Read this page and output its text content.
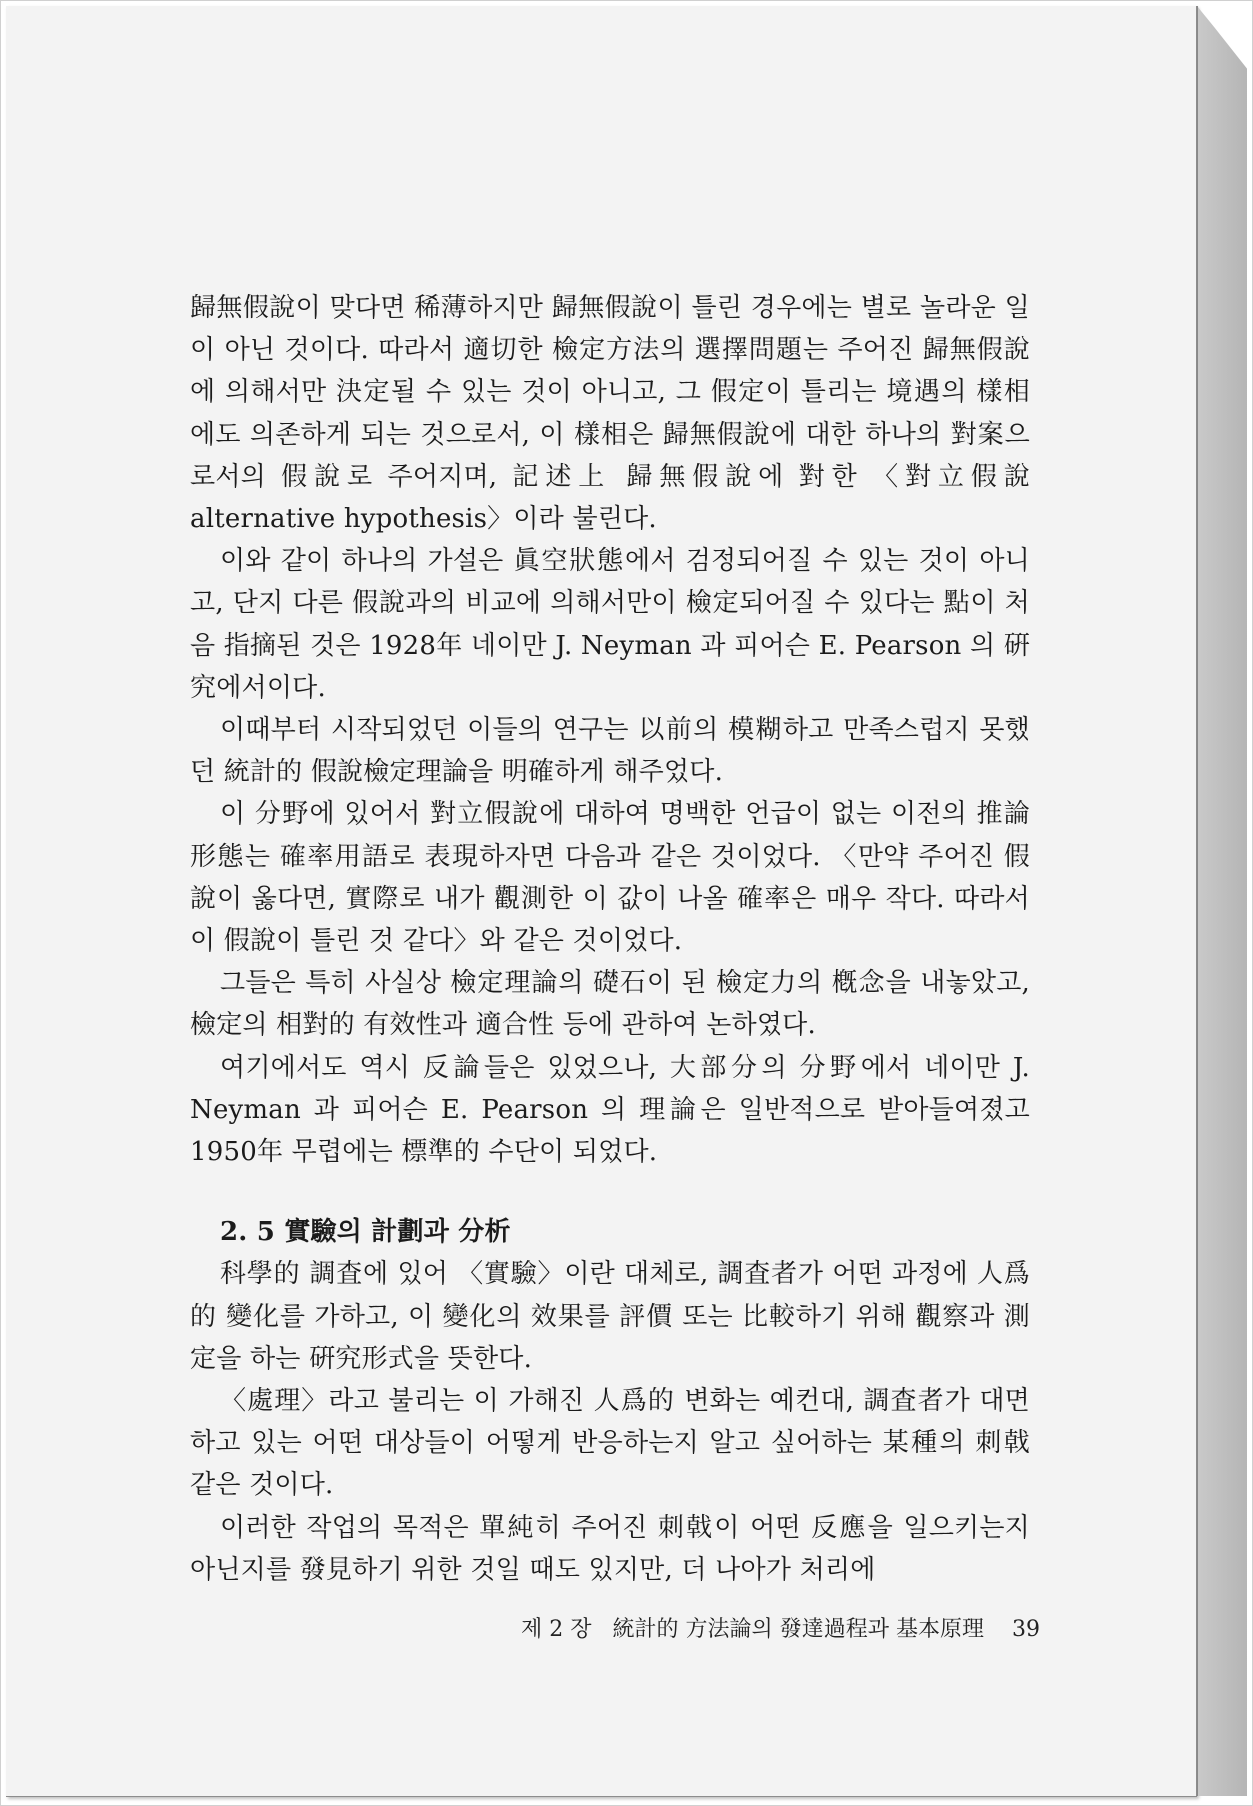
歸無假說이 맞다면 稀薄하지만 歸無假說이 틀린 경우에는 별로 놀라운 일이 아닌 것이다. 따라서 適切한 檢定方法의 選擇問題는 주어진 歸無假說에 의해서만 決定될 수 있는 것이 아니고, 그 假定이 틀리는 境遇의 樣相에도 의존하게 되는 것으로서, 이 樣相은 歸無假說에 대한 하나의 對案으로서의 假說로 주어지며, 記述上 歸無假說에 對한 〈對立假說 alternative hypothesis〉이라 불린다.

이와 같이 하나의 가설은 眞空狀態에서 검정되어질 수 있는 것이 아니고, 단지 다른 假說과의 비교에 의해서만이 檢定되어질 수 있다는 點이 처음 指摘된 것은 1928年 네이만 J. Neyman 과 피어슨 E. Pearson 의 硏究에서이다.

이때부터 시작되었던 이들의 연구는 以前의 模糊하고 만족스럽지 못했던 統計的 假說檢定理論을 明確하게 해주었다.

이 分野에 있어서 對立假說에 대하여 명백한 언급이 없는 이전의 推論形態는 確率用語로 表現하자면 다음과 같은 것이었다. 〈만약 주어진 假說이 옳다면, 實際로 내가 觀測한 이 값이 나올 確率은 매우 작다. 따라서 이 假說이 틀린 것 같다〉와 같은 것이었다.

그들은 특히 사실상 檢定理論의 礎石이 된 檢定力의 槪念을 내놓았고, 檢定의 相對的 有效性과 適合性 등에 관하여 논하였다.

여기에서도 역시 反論들은 있었으나, 大部分의 分野에서 네이만 J. Neyman 과 피어슨 E. Pearson 의 理論은 일반적으로 받아들여졌고 1950年 무렵에는 標準的 수단이 되었다.

2. 5 實驗의 計劃과 分析

科學的 調査에 있어 〈實驗〉이란 대체로, 調査者가 어떤 과정에 人爲的 變化를 가하고, 이 變化의 效果를 評價 또는 比較하기 위해 觀察과 測定을 하는 硏究形式을 뜻한다.

〈處理〉라고 불리는 이 가해진 人爲的 변화는 예컨대, 調査者가 대면하고 있는 어떤 대상들이 어떻게 반응하는지 알고 싶어하는 某種의 刺戟 같은 것이다.

이러한 작업의 목적은 單純히 주어진 刺戟이 어떤 反應을 일으키는지 아닌지를 發見하기 위한 것일 때도 있지만, 더 나아가 처리에

제 2 장 統計的 方法論의 發達過程과 基本原理 39
